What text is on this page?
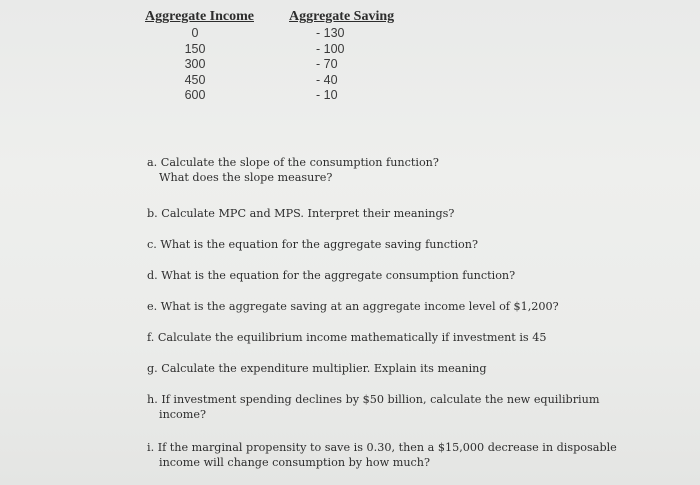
Aggregate Income	Aggregate Saving
0
150
300
450
600
- 130
- 100
- 70
- 40
- 10
a. Calculate the slope of the consumption function?
What does the slope measure?
b. Calculate MPC and MPS. Interpret their meanings?
c. What is the equation for the aggregate saving function?
d. What is the equation for the aggregate consumption function?
e. What is the aggregate saving at an aggregate income level of $1,200?
f. Calculate the equilibrium income mathematically if investment is 45
g. Calculate the expenditure multiplier. Explain its meaning
h. If investment spending declines by $50 billion, calculate the new equilibrium
income?
i. If the marginal propensity to save is 0.30, then a $15,000 decrease in disposable
income will change consumption by how much?
